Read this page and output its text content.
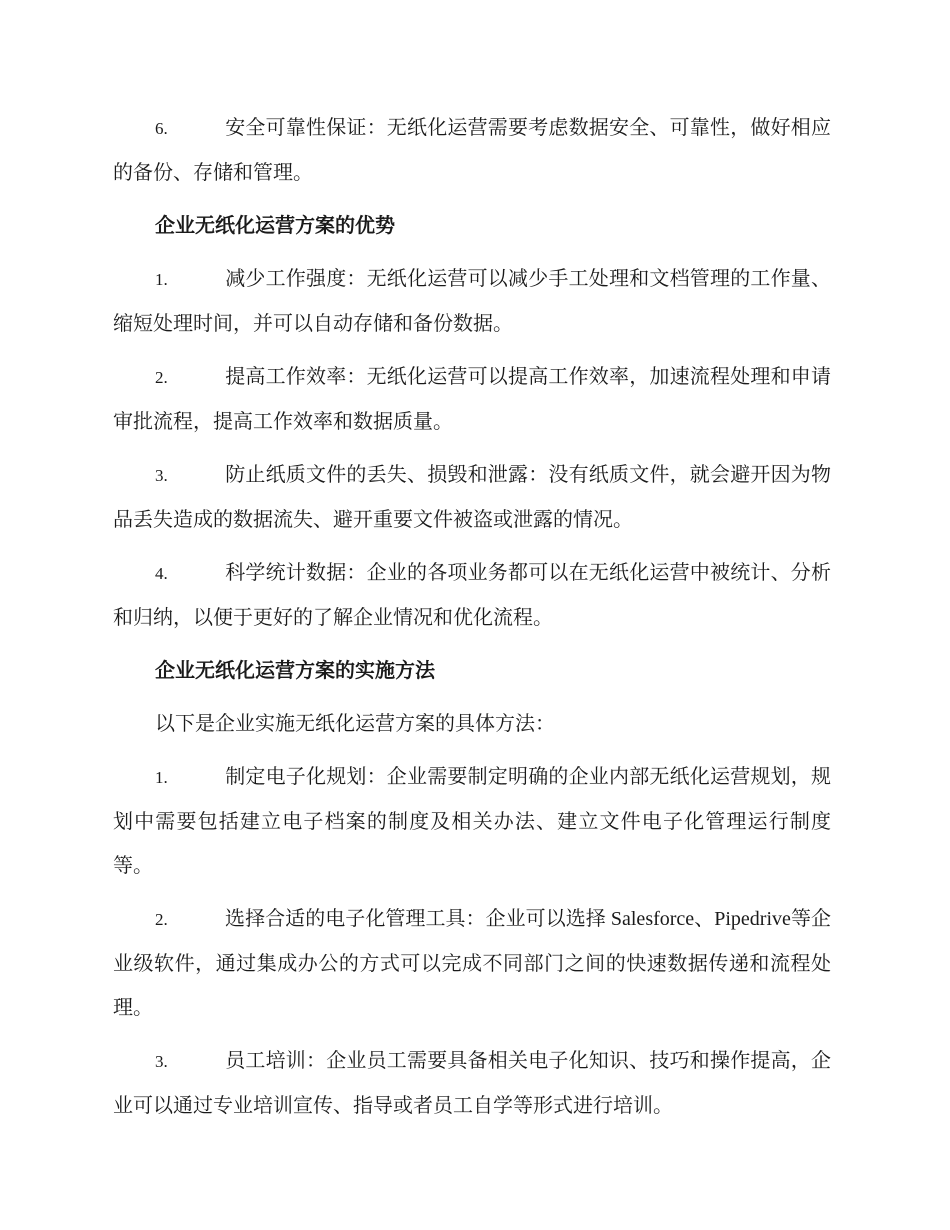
6.	安全可靠性保证：无纸化运营需要考虑数据安全、可靠性，做好相应的备份、存储和管理。

企业无纸化运营方案的优势

1.	减少工作强度：无纸化运营可以减少手工处理和文档管理的工作量、缩短处理时间，并可以自动存储和备份数据。

2.	提高工作效率：无纸化运营可以提高工作效率，加速流程处理和申请审批流程，提高工作效率和数据质量。

3.	防止纸质文件的丢失、损毁和泄露：没有纸质文件，就会避开因为物品丢失造成的数据流失、避开重要文件被盗或泄露的情况。

4.	科学统计数据：企业的各项业务都可以在无纸化运营中被统计、分析和归纳，以便于更好的了解企业情况和优化流程。

企业无纸化运营方案的实施方法

以下是企业实施无纸化运营方案的具体方法：

1.	制定电子化规划：企业需要制定明确的企业内部无纸化运营规划，规划中需要包括建立电子档案的制度及相关办法、建立文件电子化管理运行制度等。

2.	选择合适的电子化管理工具：企业可以选择 Salesforce、Pipedrive等企业级软件，通过集成办公的方式可以完成不同部门之间的快速数据传递和流程处理。

3.	员工培训：企业员工需要具备相关电子化知识、技巧和操作提高，企业可以通过专业培训宣传、指导或者员工自学等形式进行培训。
